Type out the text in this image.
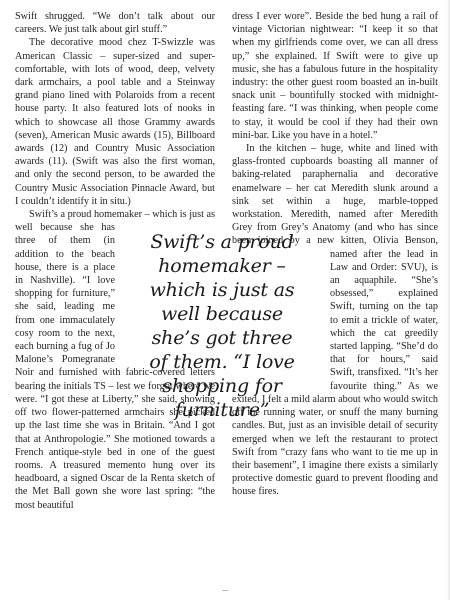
Swift shrugged. “We don’t talk about our careers. We just talk about girl stuff.”

The decorative mood chez T-Swizzle was American Classic – super-sized and super- comfortable, with lots of wood, deep, velvety dark armchairs, a pool table and a Steinway grand piano lined with Polaroids from a recent house party. It also featured lots of nooks in which to showcase all those Grammy awards (seven), American Music awards (15), Billboard awards (12) and Country Music Association awards (11). (Swift was also the first woman, and only the second person, to be awarded the Country Music Association Pinnacle Award, but I couldn’t identify it in situ.)

Swift’s a proud homemaker – which is just as well because she has three of them (in addition to the beach house, there is a place in Nashville). “I love shopping for furniture,” she said, leading me from one immaculately cosy room to the next, each burning a fug of Jo Malone’s Pomegranate Noir and furnished with fabric-covered letters bearing the initials TS – lest we forgot where we were. “I got these at Liberty,” she said, showing off two flower-patterned armchairs she picked up the last time she was in Britain. “And I got that at Anthropologie.” She motioned towards a French antique-style bed in one of the guest rooms. A treasured memento hung over its headboard, a signed Oscar de la Renta sketch of the Met Ball gown she wore last spring: “the most beautiful

dress I ever wore”. Beside the bed hung a rail of vintage Victorian nightwear: “I keep it so that when my girlfriends come over, we can all dress up,” she explained. If Swift were to give up music, she has a fabulous future in the hospitality industry: the other guest room boasted an in-built snack unit – bountifully stocked with midnight-feasting fare. “I was thinking, when people come to stay, it would be cool if they had their own mini-bar. Like you have in a hotel.”

In the kitchen – huge, white and lined with glass-fronted cupboards boasting all manner of baking-related paraphernalia and decorative enamelware – her cat Meredith slunk around a sink set within a huge, marble-topped workstation. Meredith, named after Meredith Grey from Grey’s Anatomy (and who has since been joined by a new kitten, Olivia Benson, named after the lead in Law and Order: SVU), is an aquaphile. “She’s obsessed,” explained Swift, turning on the tap to emit a trickle of water, which the cat greedily started lapping. “She’d do that for hours,” said Swift, transfixed. “It’s her favourite thing.” As we exited, I felt a mild alarm about who would switch off the running water, or snuff the many burning candles. But, just as an invisible detail of security emerged when we left the restaurant to protect Swift from “crazy fans who want to tie me up in their basement”, I imagine there exists a similarly protective domestic guard to prevent flooding and house fires.

Swift’s a proud homemaker – which is just as well because she’s got three of them. “I love shopping for furniture”
